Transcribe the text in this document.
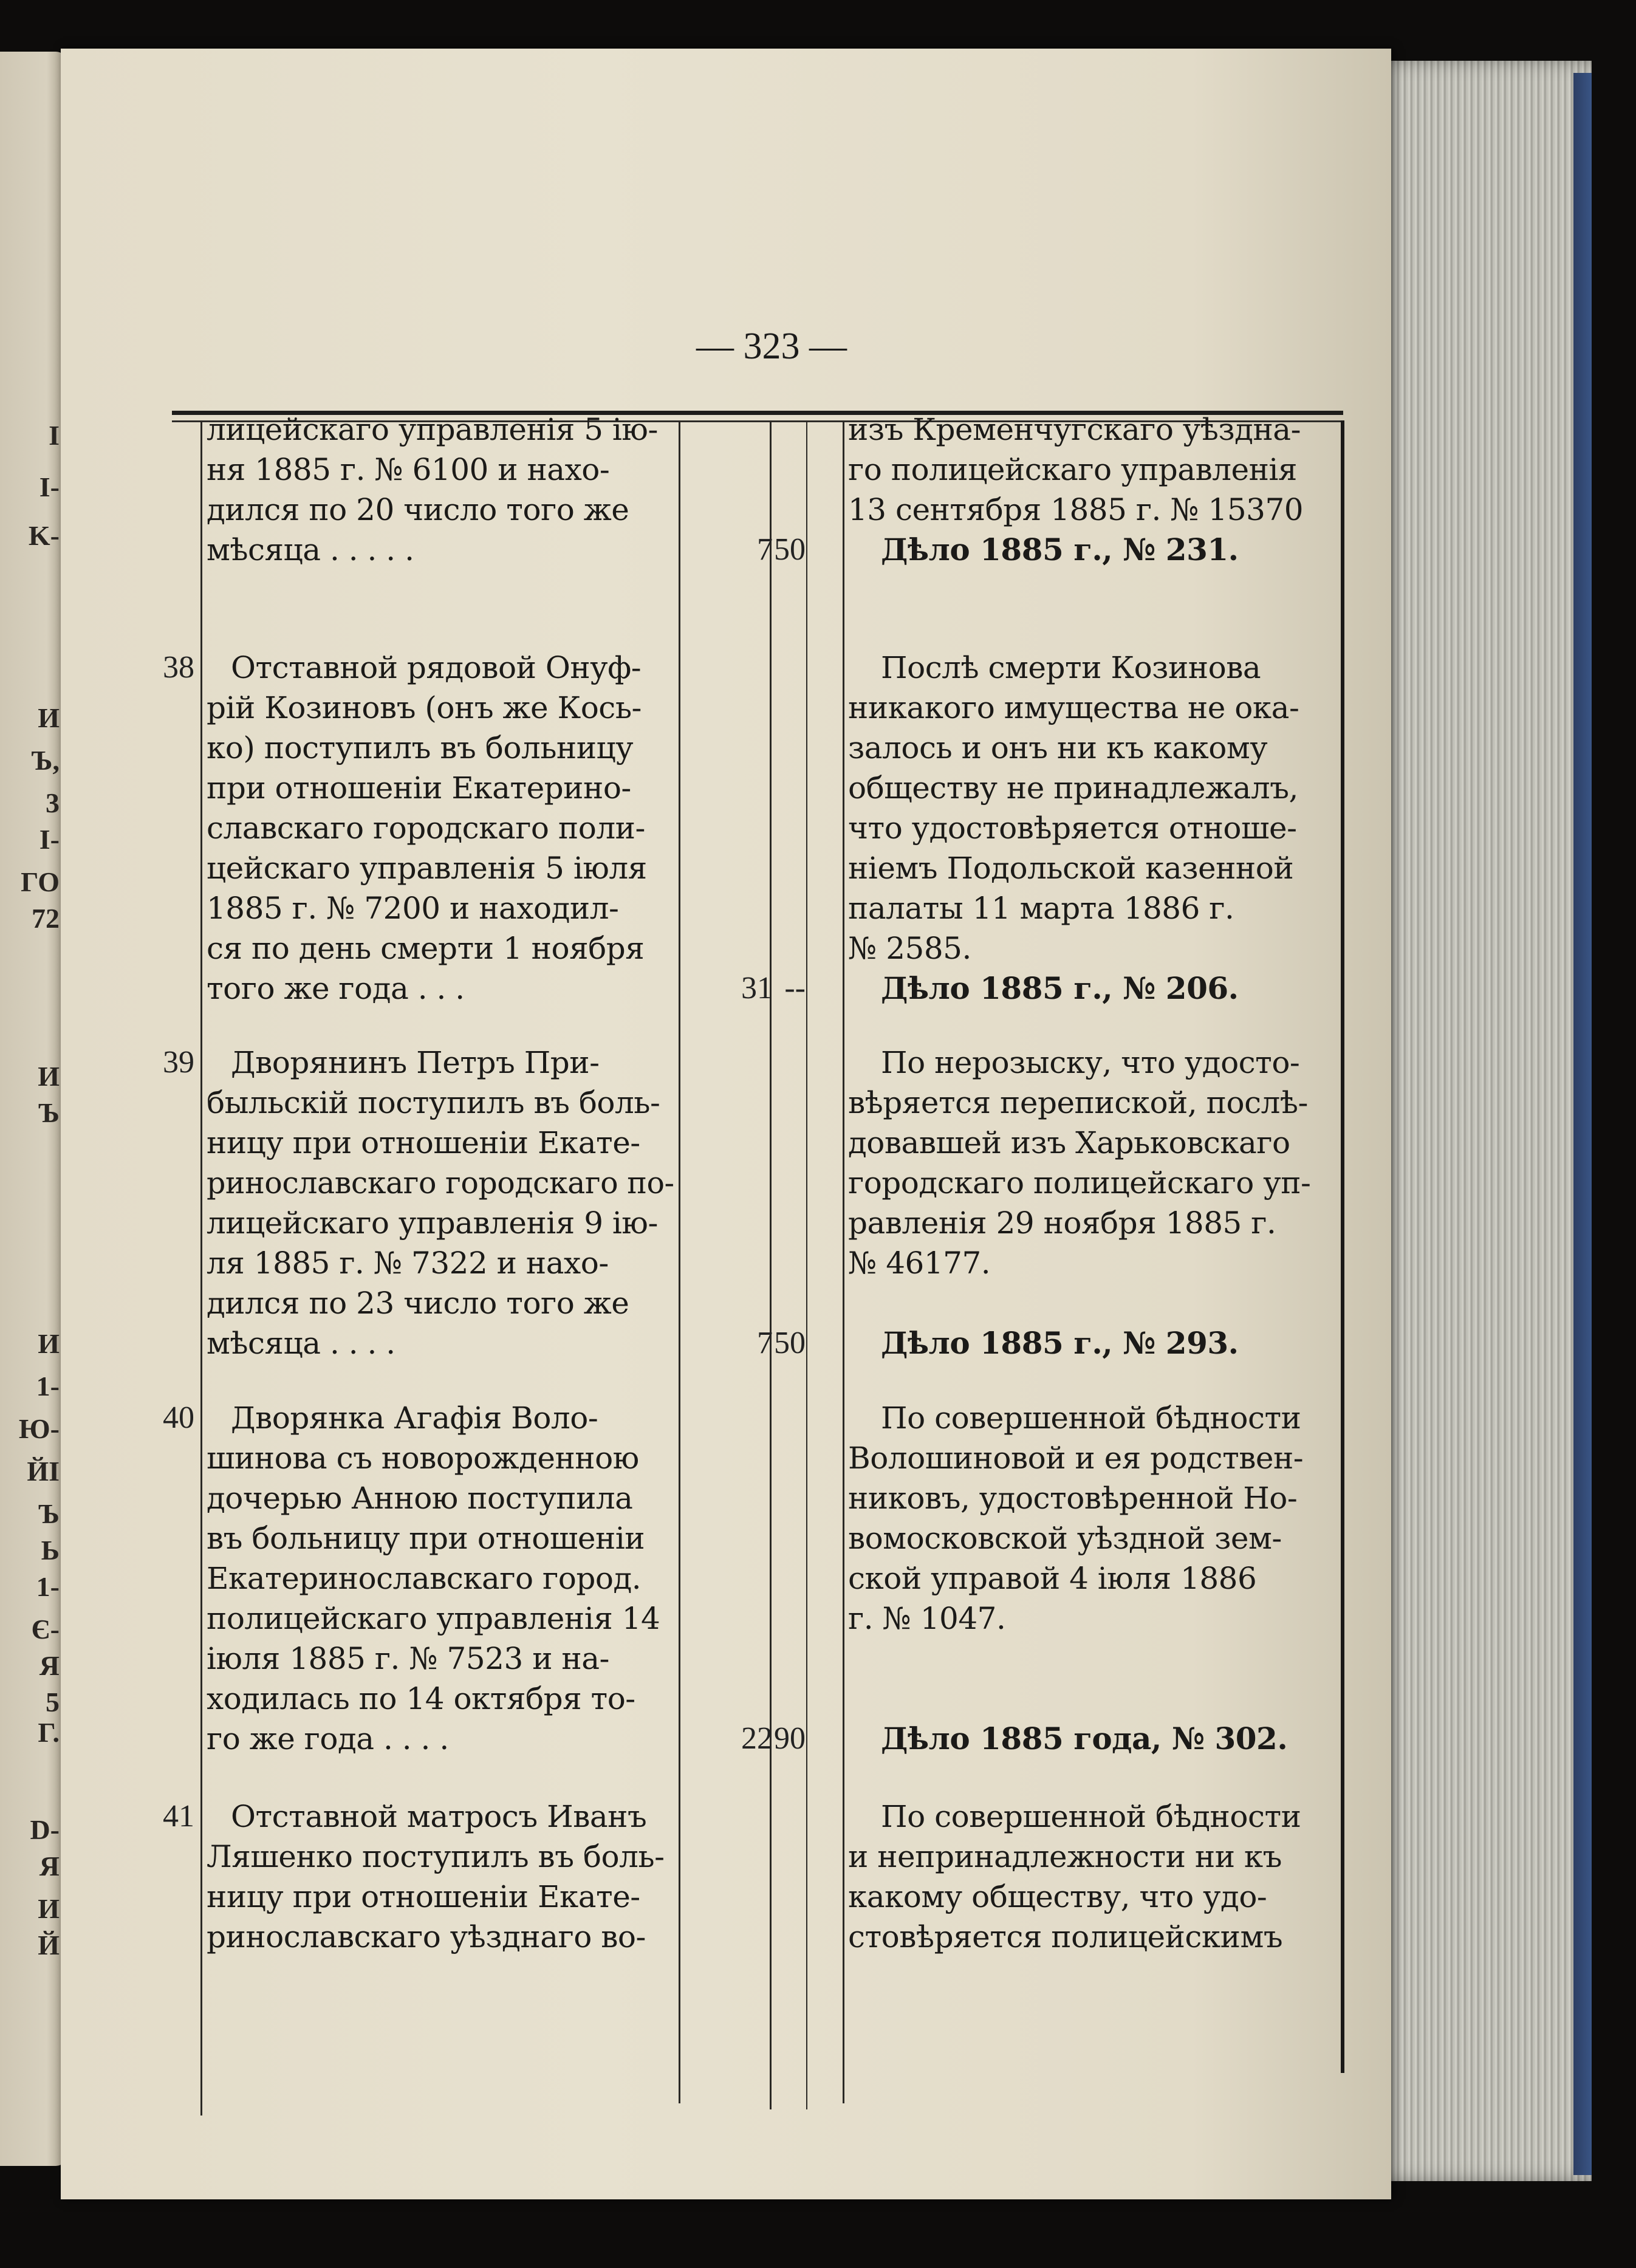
I
I-
K-
И
Ъ,
3
I-
ГО
72
И
Ъ
И
1-
Ю-
ЙІ
Ъ
Ь
1-
Є-
Я
5
Г.
D-
Я
И
Й
— 323 —
38
39
40
41
лицейскаго управленія 5 ію-
ня 1885 г. № 6100 и нахо-
дился по 20 число того же
мѣсяца . . . . .
Отставной рядовой Онуф-
рій Козиновъ (онъ же Кось-
ко) поступилъ въ больницу
при отношеніи Екатерино-
славскаго городскаго поли-
цейскаго управленія 5 іюля
1885 г. № 7200 и находил-
ся по день смерти 1 ноября
того же года . . .
Дворянинъ Петръ При-
быльскій поступилъ въ боль-
ницу при отношеніи Екате-
ринославскаго городскаго по-
лицейскаго управленія 9 ію-
ля 1885 г. № 7322 и нахо-
дился по 23 число того же
мѣсяца . . . .
Дворянка Агафія Воло-
шинова съ новорожденною
дочерью Анною поступила
въ больницу при отношеніи
Екатеринославскаго город.
полицейскаго управленія 14
іюля 1885 г. № 7523 и на-
ходилась по 14 октября то-
го же года . . . .
Отставной матросъ Иванъ
Ляшенко поступилъ въ боль-
ницу при отношеніи Екате-
ринославскаго уѣзднаго во-
7 50
31 --
7 50
22 90
изъ Кременчугскаго уѣздна-
го полицейскаго управленія
13 сентября 1885 г. № 15370
Дѣло 1885 г., № 231.
Послѣ смерти Козинова
никакого имущества не ока-
залось и онъ ни къ какому
обществу не принадлежалъ,
что удостовѣряется отноше-
ніемъ Подольской казенной
палаты 11 марта 1886 г.
№ 2585.
Дѣло 1885 г., № 206.
По нерозыску, что удосто-
вѣряется перепиской, послѣ-
довавшей изъ Харьковскаго
городскаго полицейскаго уп-
равленія 29 ноября 1885 г.
№ 46177.
Дѣло 1885 г., № 293.
По совершенной бѣдности
Волошиновой и ея родствен-
никовъ, удостовѣренной Но-
вомосковской уѣздной зем-
ской управой 4 іюля 1886
г. № 1047.
Дѣло 1885 года, № 302.
По совершенной бѣдности
и непринадлежности ни къ
какому обществу, что удо-
стовѣряется полицейскимъ
